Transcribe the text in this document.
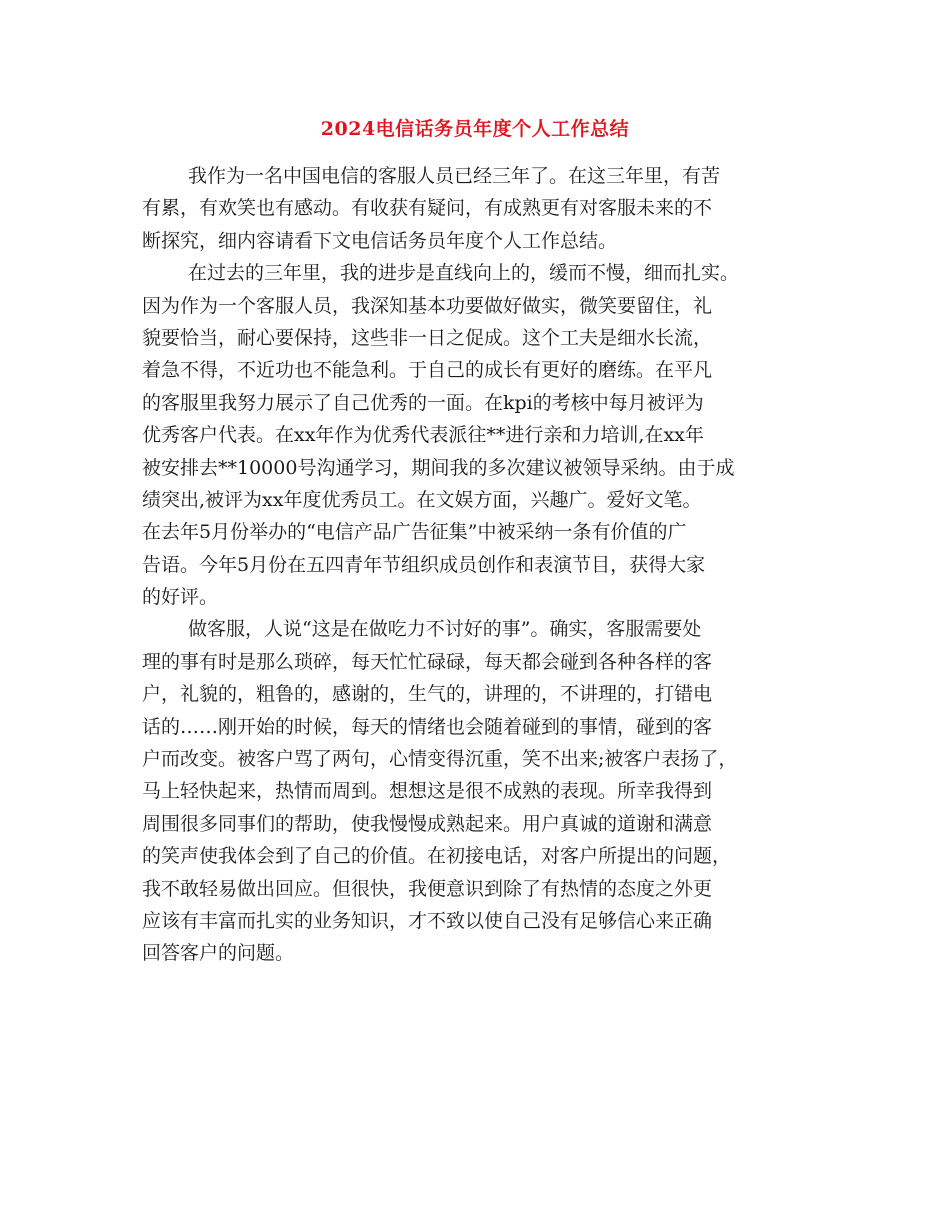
2024电信话务员年度个人工作总结

我作为一名中国电信的客服人员已经三年了。在这三年里，有苦
有累，有欢笑也有感动。有收获有疑问，有成熟更有对客服未来的不
断探究，细内容请看下文电信话务员年度个人工作总结。

在过去的三年里，我的进步是直线向上的，缓而不慢，细而扎实。
因为作为一个客服人员，我深知基本功要做好做实，微笑要留住，礼
貌要恰当，耐心要保持，这些非一日之促成。这个工夫是细水长流，
着急不得，不近功也不能急利。于自己的成长有更好的磨练。在平凡
的客服里我努力展示了自己优秀的一面。在kpi的考核中每月被评为
优秀客户代表。在xx年作为优秀代表派往**进行亲和力培训,在xx年
被安排去**10000号沟通学习，期间我的多次建议被领导采纳。由于成
绩突出,被评为xx年度优秀员工。在文娱方面，兴趣广。爱好文笔。
在去年5月份举办的“电信产品广告征集”中被采纳一条有价值的广
告语。今年5月份在五四青年节组织成员创作和表演节目，获得大家
的好评。

做客服，人说“这是在做吃力不讨好的事”。确实，客服需要处
理的事有时是那么琐碎，每天忙忙碌碌，每天都会碰到各种各样的客
户，礼貌的，粗鲁的，感谢的，生气的，讲理的，不讲理的，打错电
话的……刚开始的时候，每天的情绪也会随着碰到的事情，碰到的客
户而改变。被客户骂了两句，心情变得沉重，笑不出来;被客户表扬了，
马上轻快起来，热情而周到。想想这是很不成熟的表现。所幸我得到
周围很多同事们的帮助，使我慢慢成熟起来。用户真诚的道谢和满意
的笑声使我体会到了自己的价值。在初接电话，对客户所提出的问题，
我不敢轻易做出回应。但很快，我便意识到除了有热情的态度之外更
应该有丰富而扎实的业务知识，才不致以使自己没有足够信心来正确
回答客户的问题。
